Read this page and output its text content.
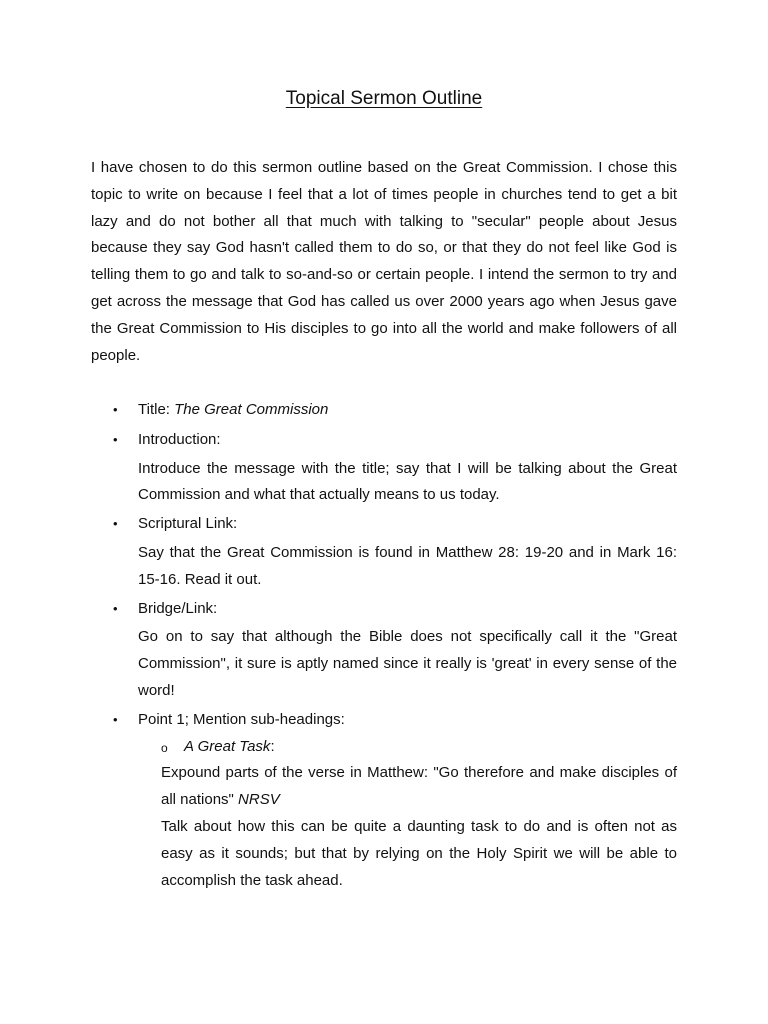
Topical Sermon Outline

I have chosen to do this sermon outline based on the Great Commission. I chose this topic to write on because I feel that a lot of times people in churches tend to get a bit lazy and do not bother all that much with talking to "secular" people about Jesus because they say God hasn't called them to do so, or that they do not feel like God is telling them to go and talk to so-and-so or certain people. I intend the sermon to try and get across the message that God has called us over 2000 years ago when Jesus gave the Great Commission to His disciples to go into all the world and make followers of all people.

•	Title: The Great Commission
•	Introduction:
Introduce the message with the title; say that I will be talking about the Great Commission and what that actually means to us today.
•	Scriptural Link:
Say that the Great Commission is found in Matthew 28: 19-20 and in Mark 16: 15-16. Read it out.
•	Bridge/Link:
Go on to say that although the Bible does not specifically call it the "Great Commission", it sure is aptly named since it really is 'great' in every sense of the word!
•	Point 1; Mention sub-headings:
o A Great Task:
Expound parts of the verse in Matthew: "Go therefore and make disciples of all nations" NRSV
Talk about how this can be quite a daunting task to do and is often not as easy as it sounds; but that by relying on the Holy Spirit we will be able to accomplish the task ahead.
